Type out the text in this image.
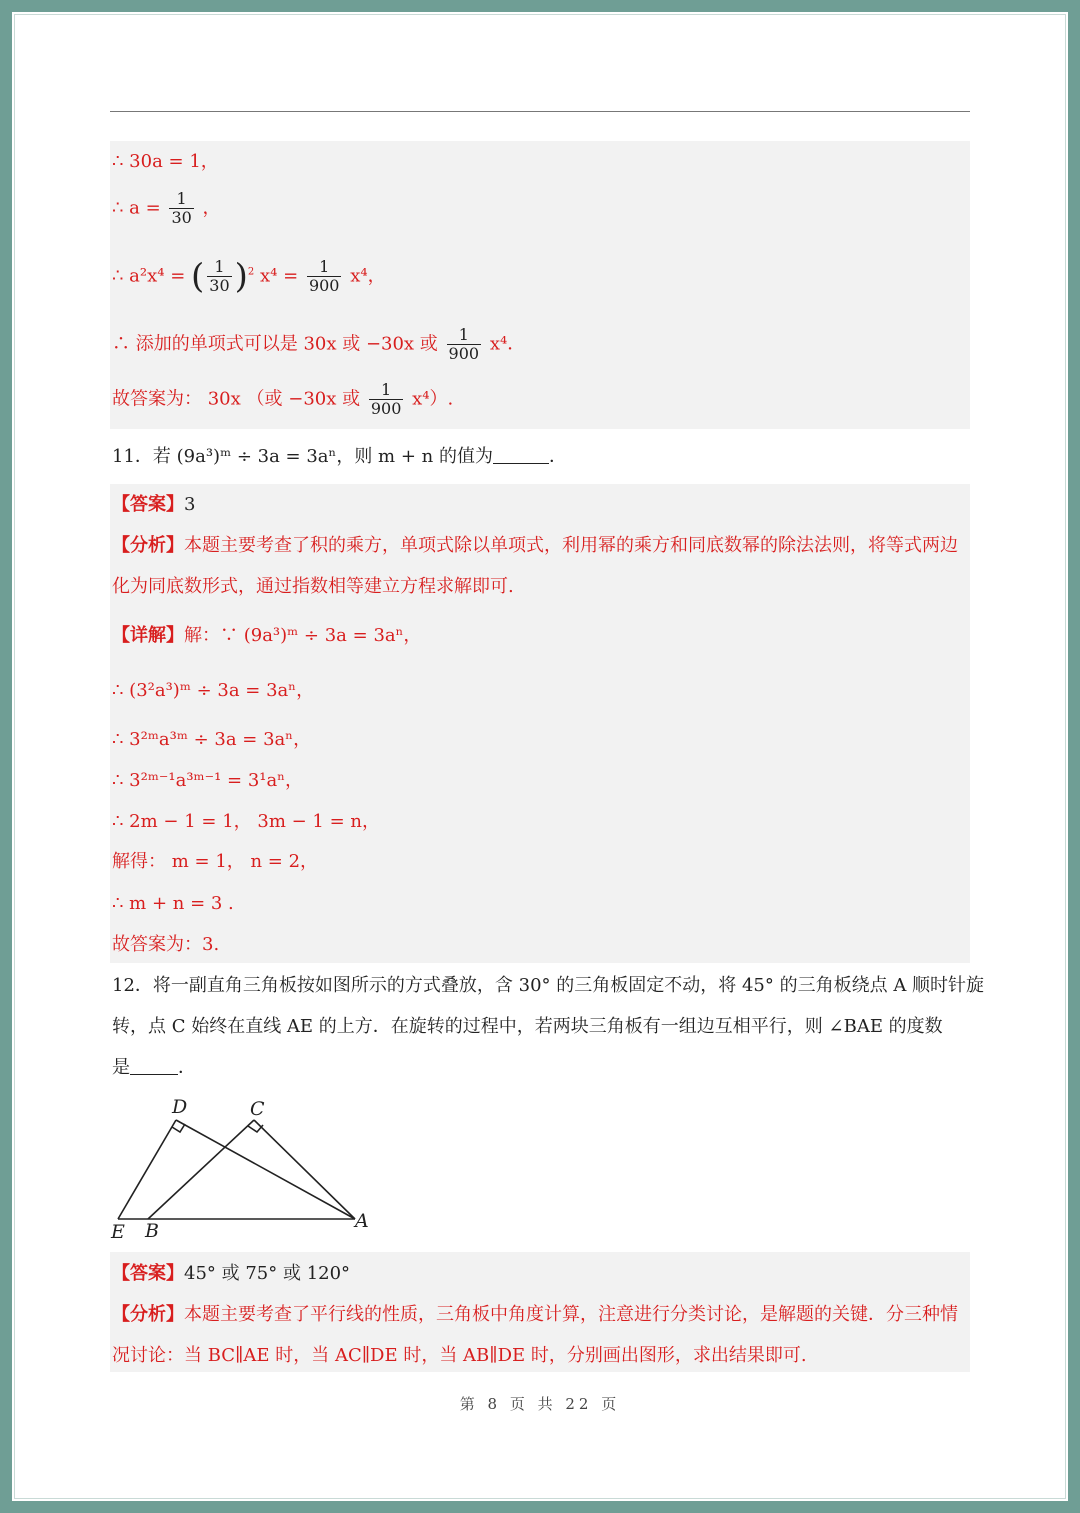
∴ 30a = 1，
∴ $a = \frac{1}{30}$ ，
∴ a²x⁴ = ( $\frac{1}{30} )^2$ $x^4 = \frac{1}{900} x^4$，
∴ 添加的单项式可以是 30x 或 −30x 或 $\frac{1}{900} x^4$．
故答案为： 30x （或 −30x 或 $\frac{1}{900} x^4$）.
11．若 (9a³)ᵐ ÷ 3a = 3aⁿ，则 m + n 的值为	．
【答案】3
【分析】本题主要考查了积的乘方，单项式除以单项式，利用幂的乘方和同底数幂的除法法则，将等式两边
化为同底数形式，通过指数相等建立方程求解即可.
【详解】解：∵ (9a³)ᵐ ÷ 3a = 3aⁿ，
∴ (3²a³)ᵐ ÷ 3a = 3aⁿ，
∴ 3²ᵐa³ᵐ ÷ 3a = 3aⁿ，
∴ 3²ᵐ⁻¹a³ᵐ⁻¹ = 3¹aⁿ，
∴ 2m − 1 = 1， 3m − 1 = n，
解得： m = 1， n = 2，
∴ m + n = 3 .
故答案为：3.
12．将一副直角三角板按如图所示的方式叠放，含 30° 的三角板固定不动，将 45° 的三角板绕点 A 顺时针旋
转，点 C 始终在直线 AE 的上方．在旋转的过程中，若两块三角板有一组边互相平行，则 ∠BAE 的度数
是	．
D	C
E B	A
【答案】45° 或 75° 或 120°
【分析】本题主要考查了平行线的性质，三角板中角度计算，注意进行分类讨论，是解题的关键．分三种情
况讨论：当 BC∥AE 时，当 AC∥DE 时，当 AB∥DE 时，分别画出图形，求出结果即可.
第 8 页 共 22 页
